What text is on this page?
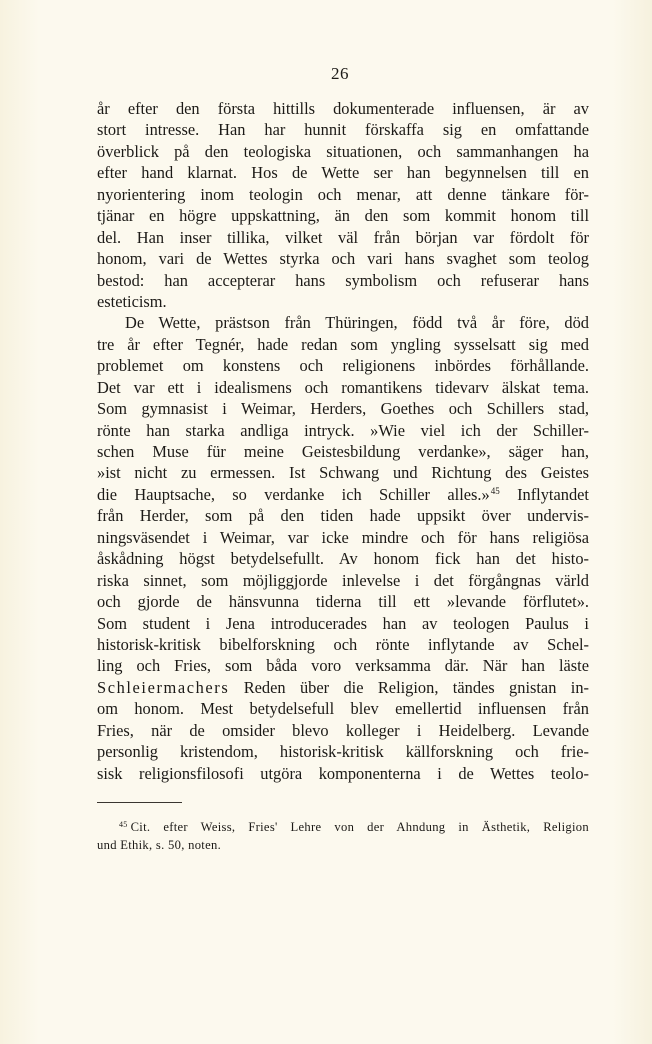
26
år efter den första hittills dokumenterade influensen, är av
stort intresse. Han har hunnit förskaffa sig en omfattande
överblick på den teologiska situationen, och sammanhangen ha
efter hand klarnat. Hos de Wette ser han begynnelsen till en
nyorientering inom teologin och menar, att denne tänkare för-
tjänar en högre uppskattning, än den som kommit honom till
del. Han inser tillika, vilket väl från början var fördolt för
honom, vari de Wettes styrka och vari hans svaghet som teolog
bestod: han accepterar hans symbolism och refuserar hans
esteticism.
De Wette, prästson från Thüringen, född två år före, död
tre år efter Tegnér, hade redan som yngling sysselsatt sig med
problemet om konstens och religionens inbördes förhållande.
Det var ett i idealismens och romantikens tidevarv älskat tema.
Som gymnasist i Weimar, Herders, Goethes och Schillers stad,
rönte han starka andliga intryck. »Wie viel ich der Schiller-
schen Muse für meine Geistesbildung verdanke», säger han,
»ist nicht zu ermessen. Ist Schwang und Richtung des Geistes
die Hauptsache, so verdanke ich Schiller alles.»$^{45}$ Inflytandet
från Herder, som på den tiden hade uppsikt över undervis-
ningsväsendet i Weimar, var icke mindre och för hans religiösa
åskådning högst betydelsefullt. Av honom fick han det histo-
riska sinnet, som möjliggjorde inlevelse i det förgångnas värld
och gjorde de hänsvunna tiderna till ett »levande förflutet».
Som student i Jena introducerades han av teologen Paulus i
historisk-kritisk bibelforskning och rönte inflytande av Schel-
ling och Fries, som båda voro verksamma där. När han läste
Schleiermachers Reden über die Religion, tändes gnistan in-
om honom. Mest betydelsefull blev emellertid influensen från
Fries, när de omsider blevo kolleger i Heidelberg. Levande
personlig kristendom, historisk-kritisk källforskning och frie-
sisk religionsfilosofi utgöra komponenterna i de Wettes teolo-
$^{45}$ Cit. efter Weiss, Fries' Lehre von der Ahndung in Ästhetik, Religion
und Ethik, s. 50, noten.
